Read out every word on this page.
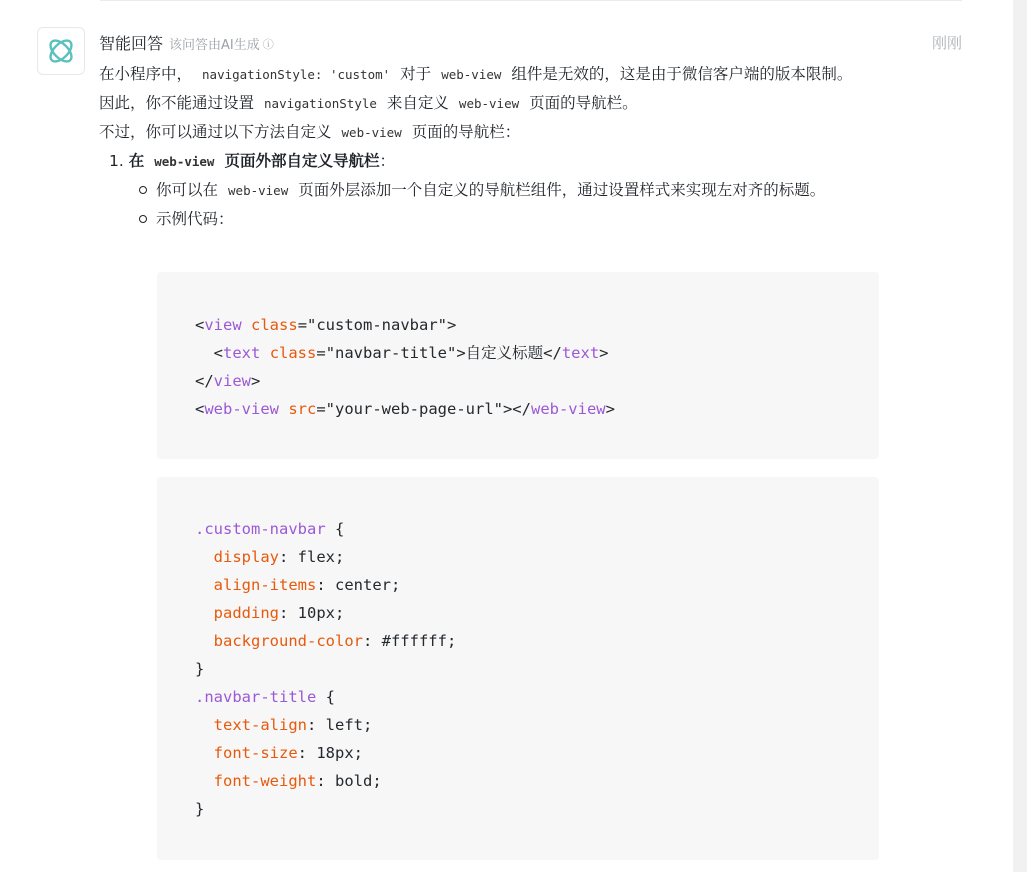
智能回答 该问答由AI生成 ⓘ	刚刚

在小程序中， navigationStyle: 'custom' 对于 web-view 组件是无效的，这是由于微信客户端的版本限制。

因此，你不能通过设置 navigationStyle 来自定义 web-view 页面的导航栏。

不过，你可以通过以下方法自定义 web-view 页面的导航栏：

1. 在 web-view 页面外部自定义导航栏：

你可以在 web-view 页面外层添加一个自定义的导航栏组件，通过设置样式来实现左对齐的标题。
示例代码：
<view class="custom-navbar">
<text class="navbar-title">自定义标题</text>
</view>
<web-view src="your-web-page-url"></web-view>
.custom-navbar {
display: flex;
align-items: center;
padding: 10px;
background-color: #ffffff;
}
.navbar-title {
text-align: left;
font-size: 18px;
font-weight: bold;
}
